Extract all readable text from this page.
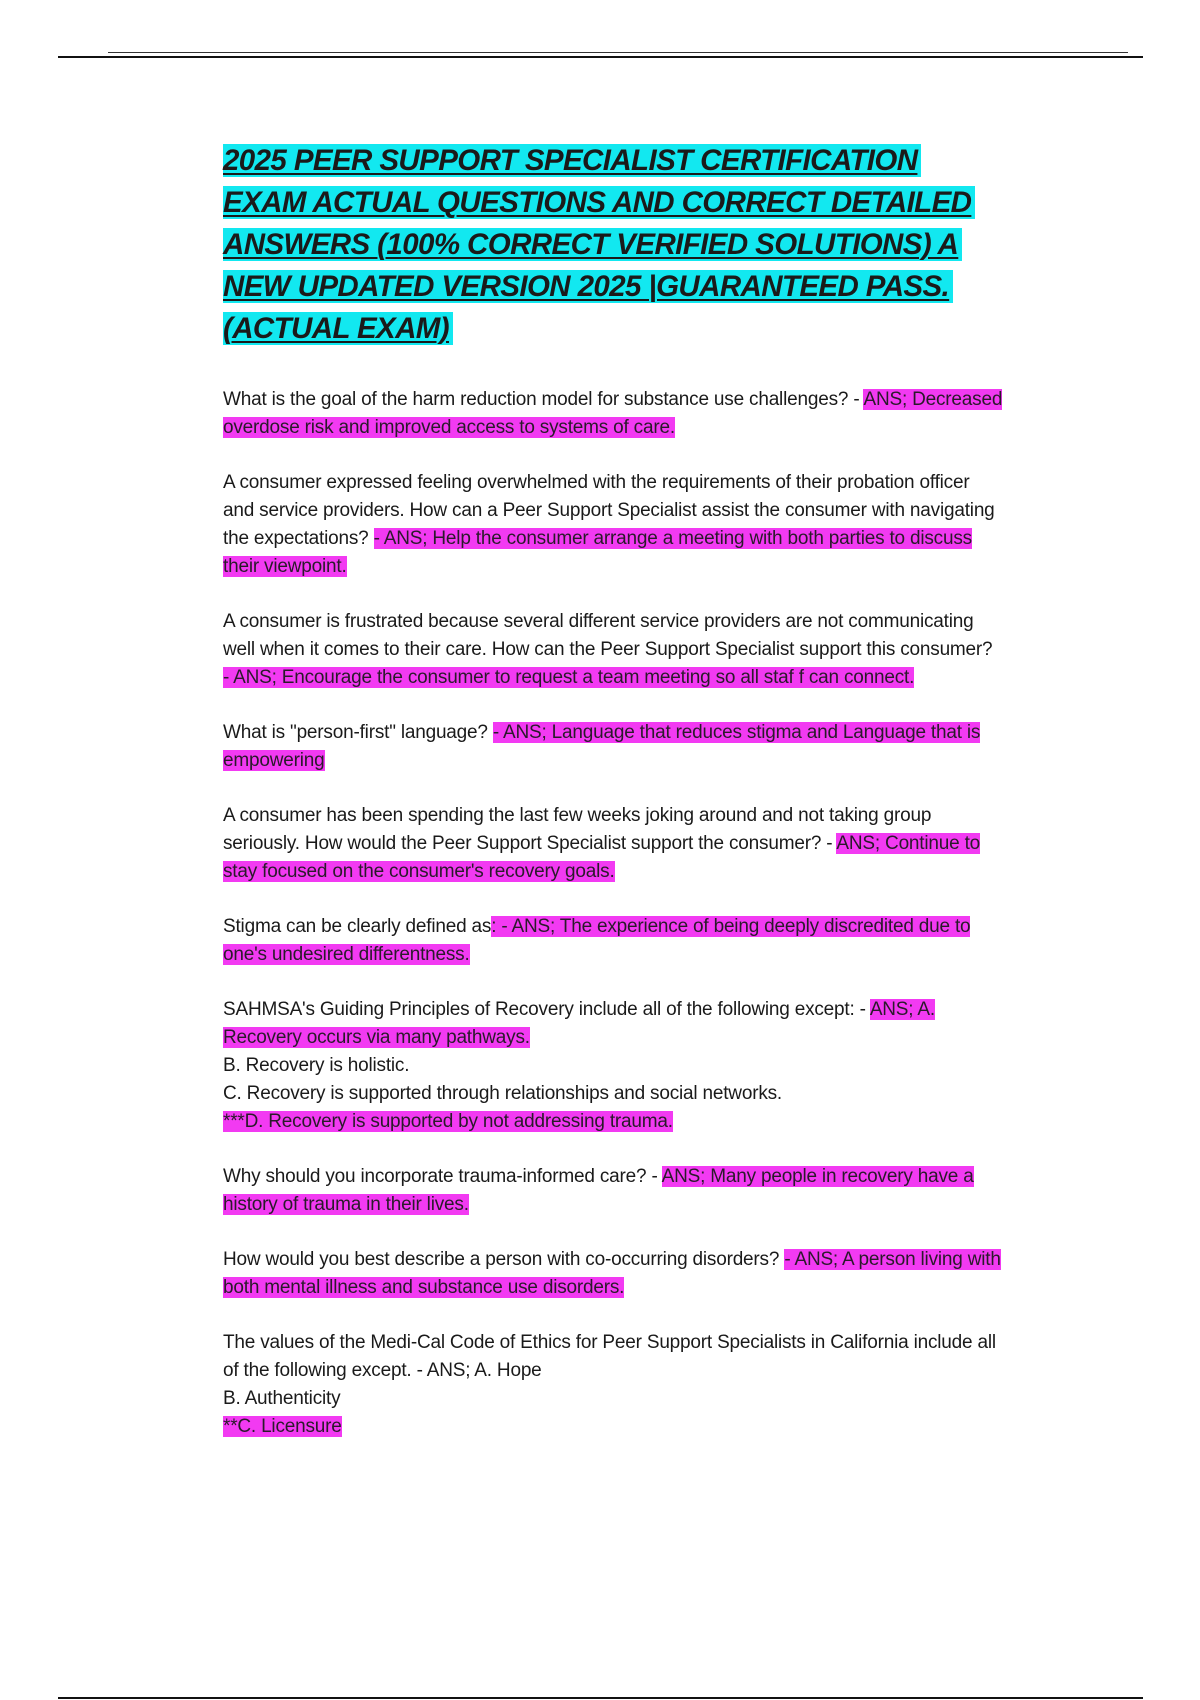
2025 PEER SUPPORT SPECIALIST CERTIFICATION EXAM ACTUAL QUESTIONS AND CORRECT DETAILED ANSWERS (100% CORRECT VERIFIED SOLUTIONS) A NEW UPDATED VERSION 2025 |GUARANTEED PASS. (ACTUAL EXAM)

What is the goal of the harm reduction model for substance use challenges? - ANS; Decreased overdose risk and improved access to systems of care.

A consumer expressed feeling overwhelmed with the requirements of their probation officer and service providers. How can a Peer Support Specialist assist the consumer with navigating the expectations? - ANS; Help the consumer arrange a meeting with both parties to discuss their viewpoint.

A consumer is frustrated because several different service providers are not communicating well when it comes to their care. How can the Peer Support Specialist support this consumer? - ANS; Encourage the consumer to request a team meeting so all staf f can connect.

What is "person-first" language? - ANS; Language that reduces stigma and Language that is empowering

A consumer has been spending the last few weeks joking around and not taking group seriously. How would the Peer Support Specialist support the consumer? - ANS; Continue to stay focused on the consumer's recovery goals.

Stigma can be clearly defined as: - ANS; The experience of being deeply discredited due to one's undesired differentness.

SAHMSA's Guiding Principles of Recovery include all of the following except: - ANS; A. Recovery occurs via many pathways.
B. Recovery is holistic.
C. Recovery is supported through relationships and social networks.
***D. Recovery is supported by not addressing trauma.

Why should you incorporate trauma-informed care? - ANS; Many people in recovery have a history of trauma in their lives.

How would you best describe a person with co-occurring disorders? - ANS; A person living with both mental illness and substance use disorders.

The values of the Medi-Cal Code of Ethics for Peer Support Specialists in California include all of the following except. - ANS; A. Hope
B. Authenticity
**C. Licensure
